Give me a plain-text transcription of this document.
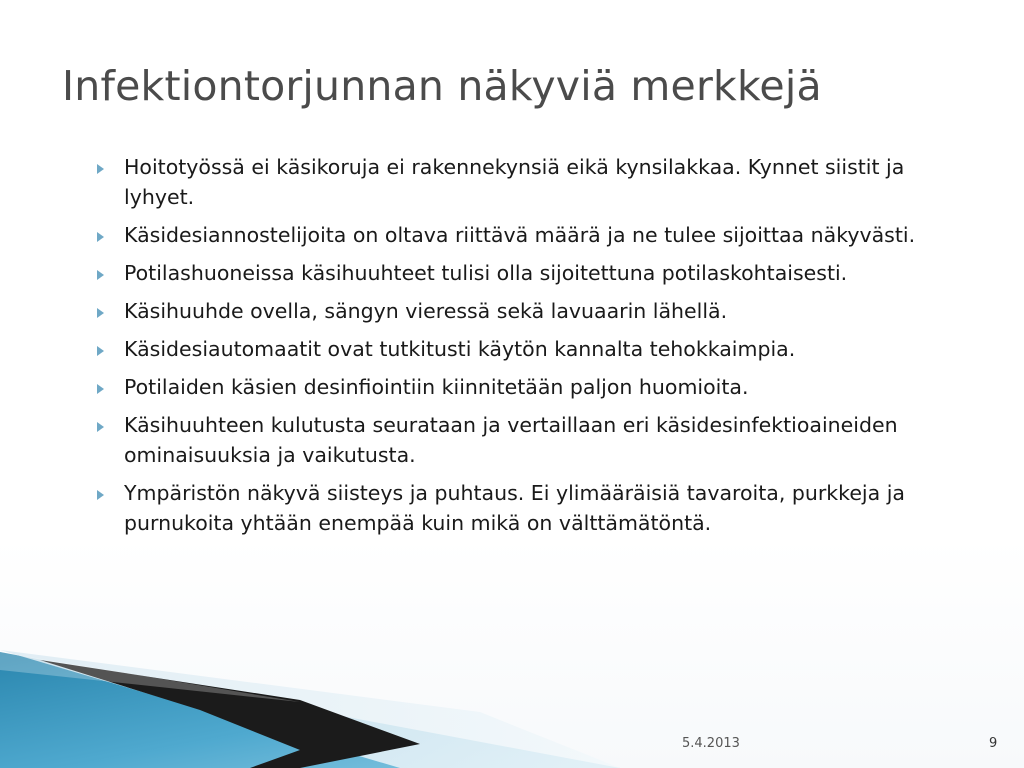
Infektiontorjunnan näkyviä merkkejä
Hoitotyössä ei käsikoruja ei rakennekynsiä eikä kynsilakkaa. Kynnet siistit ja lyhyet.
Käsidesiannostelijoita on oltava riittävä määrä ja ne tulee sijoittaa näkyvästi.
Potilashuoneissa käsihuuhteet tulisi olla sijoitettuna potilaskohtaisesti.
Käsihuuhde ovella, sängyn vieressä sekä lavuaarin lähellä.
Käsidesiautomaatit ovat tutkitusti käytön kannalta tehokkaimpia.
Potilaiden käsien desinfiointiin kiinnitetään paljon huomioita.
Käsihuuhteen kulutusta seurataan ja vertaillaan eri käsidesinfektioaineiden ominaisuuksia ja vaikutusta.
Ympäristön näkyvä siisteys ja puhtaus. Ei ylimääräisiä tavaroita, purkkeja ja purnukoita yhtään enempää kuin mikä on välttämätöntä.
5.4.2013	9
